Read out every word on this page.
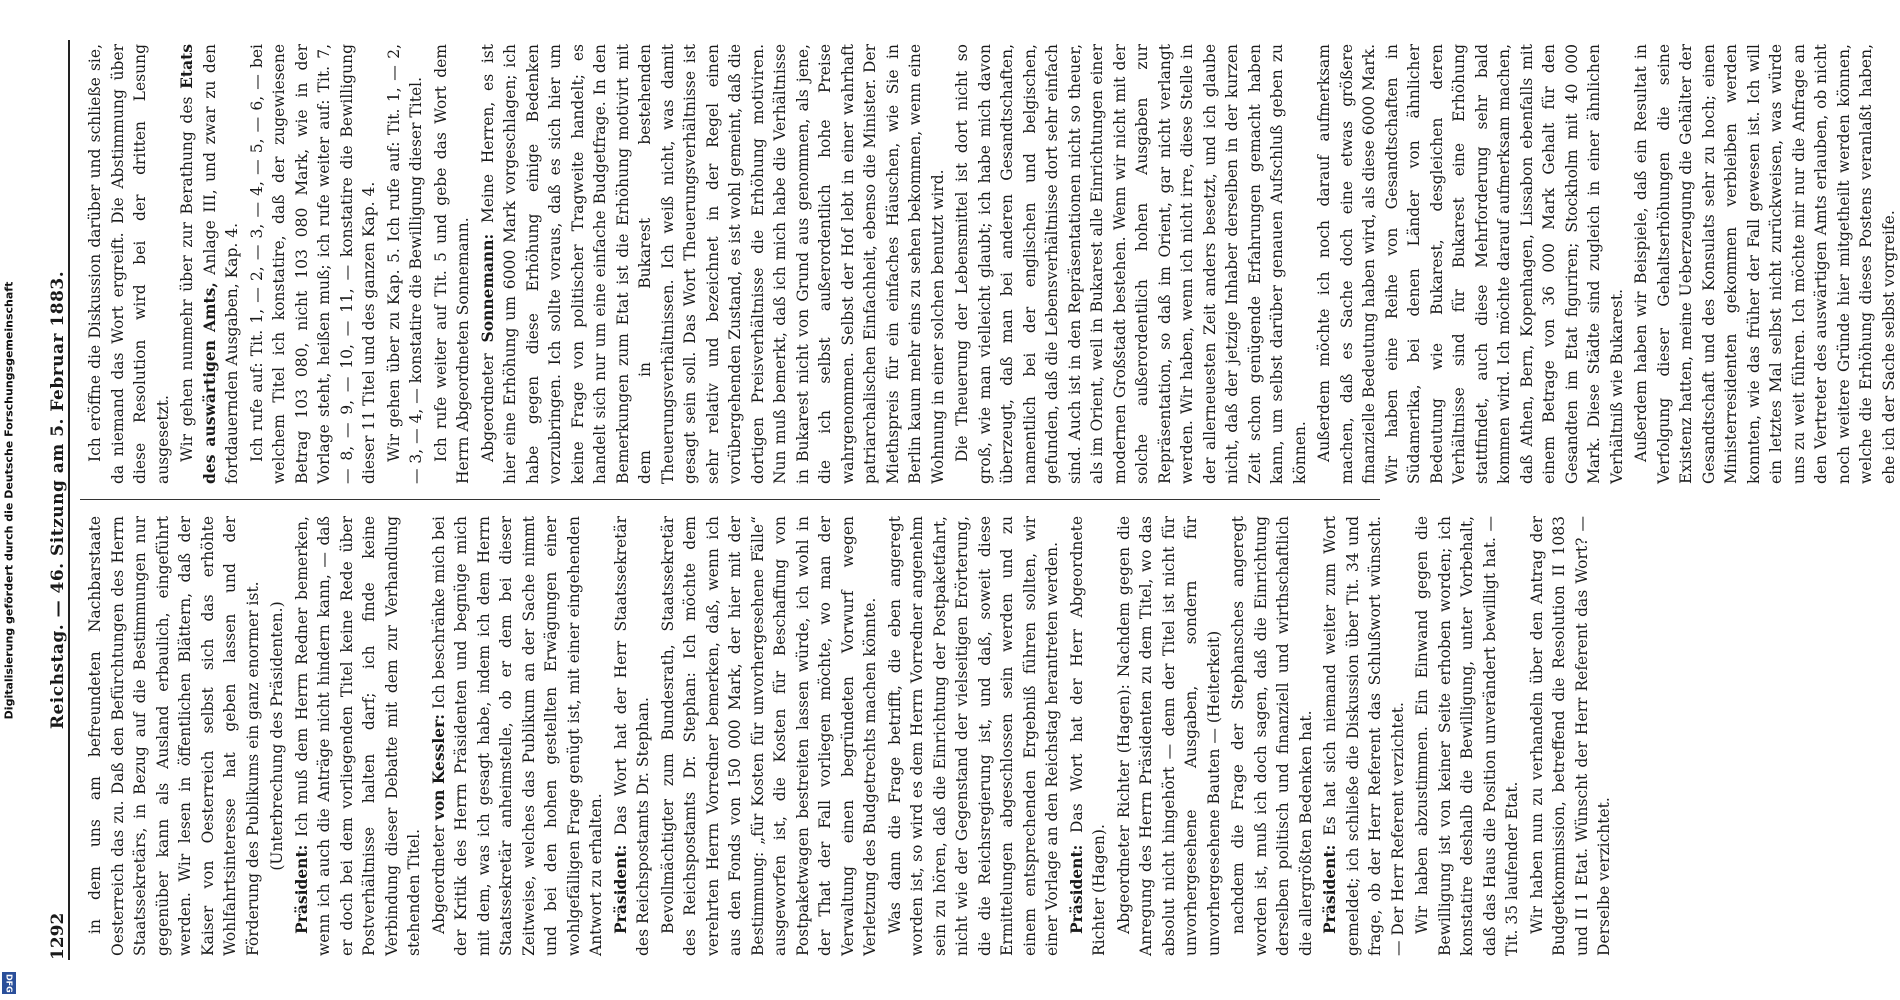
Digitalisierung gefördert durch die Deutsche Forschungsgemeinschaft
DFG
1292
Reichstag. — 46. Sitzung am 5. Februar 1883. in dem uns am befreundeten Nachbarstaate Oesterreich das zu. Daß den Befürchtungen des Herrn Staatssekretärs, in Bezug auf die Bestimmungen nur gegenüber kann als Ausland erbaulich, eingeführt werden. Wir lesen in öffentlichen Blättern, daß der Kaiser von Oesterreich selbst sich das erhöhte Wohlfahrtsinteresse hat geben lassen und der Förderung des Publikums ein ganz enormer ist. (Unterbrechung des Präsidenten.)

Präsident: Ich muß dem Herrn Redner bemerken, wenn ich auch die Anträge nicht hindern kann, — daß er doch bei dem vorliegenden Titel keine Rede über Postverhältnisse halten darf; ich finde keine Verbindung dieser Debatte mit dem zur Verhandlung stehenden Titel. Abgeordneter von Kessler: Ich beschränke mich bei der Kritik des Herrn Präsidenten und begnüge mich mit dem, was ich gesagt habe, indem ich dem Herrn Staatssekretär anheimstelle, ob er dem bei dieser Zeitweise, welches das Publikum an der Sache nimmt und bei den hohen gestellten Erwägungen einer wohlgefälligen Frage genügt ist, mit einer eingehenden Antwort zu erhalten. Präsident: Das Wort hat der Herr Staatssekretär des Reichspostamts Dr. Stephan. Bevollmächtigter zum Bundesrath, Staatssekretär des Reichspostamts Dr. Stephan: Ich möchte dem verehrten Herrn Vorredner bemerken, daß, wenn ich aus den Fonds von 150 000 Mark, der hier mit der Bestimmung: „für Kosten für unvorhergesehene Fälle“ ausgeworfen ist, die Kosten für Beschaffung von Postpaketwagen bestreiten lassen würde, ich wohl in der That der Fall vorliegen möchte, wo man der Verwaltung einen begründeten Vorwurf wegen Verletzung des Budgetrechts machen könnte. Was dann die Frage betrifft, die eben angeregt worden ist, so wird es dem Herrn Vorredner angenehm sein zu hören, daß die Einrichtung der Postpaketfahrt, nicht wie der Gegenstand der vielseitigen Erörterung, die die Reichsregierung ist, und daß, soweit diese Ermittelungen abgeschlossen sein werden und zu einem entsprechenden Ergebniß führen sollten, wir einer Vorlage an den Reichstag herantreten werden. Präsident: Das Wort hat der Herr Abgeordnete Richter (Hagen). Abgeordneter Richter (Hagen): Nachdem gegen die Anregung des Herrn Präsidenten zu dem Titel, wo das absolut nicht hingehört — denn der Titel ist nicht für unvorhergesehene Ausgaben, sondern für unvorhergesehene Bauten — (Heiterkeit) nachdem die Frage der Stephansches angeregt worden ist, muß ich doch sagen, daß die Einrichtung derselben politisch und finanziell und wirthschaftlich die allergrößten Bedenken hat. Präsident: Es hat sich niemand weiter zum Wort gemeldet; ich schließe die Diskussion über Tit. 34 und frage, ob der Herr Referent das Schlußwort wünscht. — Der Herr Referent verzichtet. Wir haben abzustimmen. Ein Einwand gegen die Bewilligung ist von keiner Seite erhoben worden; ich konstatire deshalb die Bewilligung, unter Vorbehalt, daß das Haus die Position unverändert bewilligt hat. — Tit. 35 laufender Etat. Wir haben nun zu verhandeln über den Antrag der Budgetkommission, betreffend die Resolution II 1083 und II 1 Etat. Wünscht der Herr Referent das Wort? — Derselbe verzichtet.

Ich eröffne die Diskussion darüber und schließe sie, da niemand das Wort ergreift. Die Abstimmung über diese Resolution wird bei der dritten Lesung ausgesetzt. Wir gehen nunmehr über zur Berathung des Etats des auswärtigen Amts, Anlage III, und zwar zu den fortdauernden Ausgaben, Kap. 4. Ich rufe auf: Tit. 1, — 2, — 3, — 4, — 5, — 6, — bei welchem Titel ich konstatire, daß der zugewiesene Betrag 103 080, nicht 103 080 Mark, wie in der Vorlage steht, heißen muß; ich rufe weiter auf: Tit. 7, — 8, — 9, — 10, — 11, — konstatire die Bewilligung dieser 11 Titel und des ganzen Kap. 4. Wir gehen über zu Kap. 5. Ich rufe auf: Tit. 1, — 2, — 3, — 4, — konstatire die Bewilligung dieser Titel. Ich rufe weiter auf Tit. 5 und gebe das Wort dem Herrn Abgeordneten Sonnemann. Abgeordneter Sonnemann: Meine Herren, es ist hier eine Erhöhung um 6000 Mark vorgeschlagen; ich habe gegen diese Erhöhung einige Bedenken vorzubringen. Ich sollte voraus, daß es sich hier um keine Frage von politischer Tragweite handelt; es handelt sich nur um eine einfache Budgetfrage. In den Bemerkungen zum Etat ist die Erhöhung motivirt mit dem in Bukarest bestehenden Theuerungsverhältnissen. Ich weiß nicht, was damit gesagt sein soll. Das Wort Theuerungsverhältnisse ist sehr relativ und bezeichnet in der Regel einen vorübergehenden Zustand, es ist wohl gemeint, daß die dortigen Preisverhältnisse die Erhöhung motiviren. Nun muß bemerkt, daß ich mich habe die Verhältnisse in Bukarest nicht von Grund aus genommen, als jene, die ich selbst außerordentlich hohe Preise wahrgenommen. Selbst der Hof lebt in einer wahrhaft patriarchalischen Einfachheit, ebenso die Minister. Der Miethspreis für ein einfaches Häuschen, wie Sie in Berlin kaum mehr eins zu sehen bekommen, wenn eine Wohnung in einer solchen benutzt wird. Die Theuerung der Lebensmittel ist dort nicht so groß, wie man vielleicht glaubt; ich habe mich davon überzeugt, daß man bei anderen Gesandtschaften, namentlich bei der englischen und belgischen, gefunden, daß die Lebensverhältnisse dort sehr einfach sind. Auch ist in den Repräsentationen nicht so theuer, als im Orient, weil in Bukarest alle Einrichtungen einer modernen Großstadt bestehen. Wenn wir nicht mit der solche außerordentlich hohen Ausgaben zur Repräsentation, so daß im Orient, gar nicht verlangt werden. Wir haben, wenn ich nicht irre, diese Stelle in der allerneuesten Zeit anders besetzt, und ich glaube nicht, daß der jetzige Inhaber derselben in der kurzen Zeit schon genügende Erfahrungen gemacht haben kann, um selbst darüber genauen Aufschluß geben zu können. Außerdem möchte ich noch darauf aufmerksam machen, daß es Sache doch eine etwas größere finanzielle Bedeutung haben wird, als diese 6000 Mark. Wir haben eine Reihe von Gesandtschaften in Südamerika, bei denen Länder von ähnlicher Bedeutung wie Bukarest, desgleichen deren Verhältnisse sind für Bukarest eine Erhöhung stattfindet, auch diese Mehrforderung sehr bald kommen wird. Ich möchte darauf aufmerksam machen, daß Athen, Bern, Kopenhagen, Lissabon ebenfalls mit einem Betrage von 36 000 Mark Gehalt für den Gesandten im Etat figuriren; Stockholm mit 40 000 Mark. Diese Städte sind zugleich in einer ähnlichen Verhältniß wie Bukarest. Außerdem haben wir Beispiele, daß ein Resultat in Verfolgung dieser Gehaltserhöhungen die seine Existenz hatten, meine Ueberzeugung die Gehälter der Gesandtschaft und des Konsulats sehr zu hoch; einen Ministerresidenten gekommen verbleiben werden konnten, wie das früher der Fall gewesen ist. Ich will ein letztes Mal selbst nicht zurückweisen, was würde uns zu weit führen. Ich möchte mir nur die Anfrage an den Vertreter des auswärtigen Amts erlauben, ob nicht noch weitere Gründe hier mitgetheilt werden können, welche die Erhöhung dieses Postens veranlaßt haben, ehe ich der Sache selbst vorgreife.
